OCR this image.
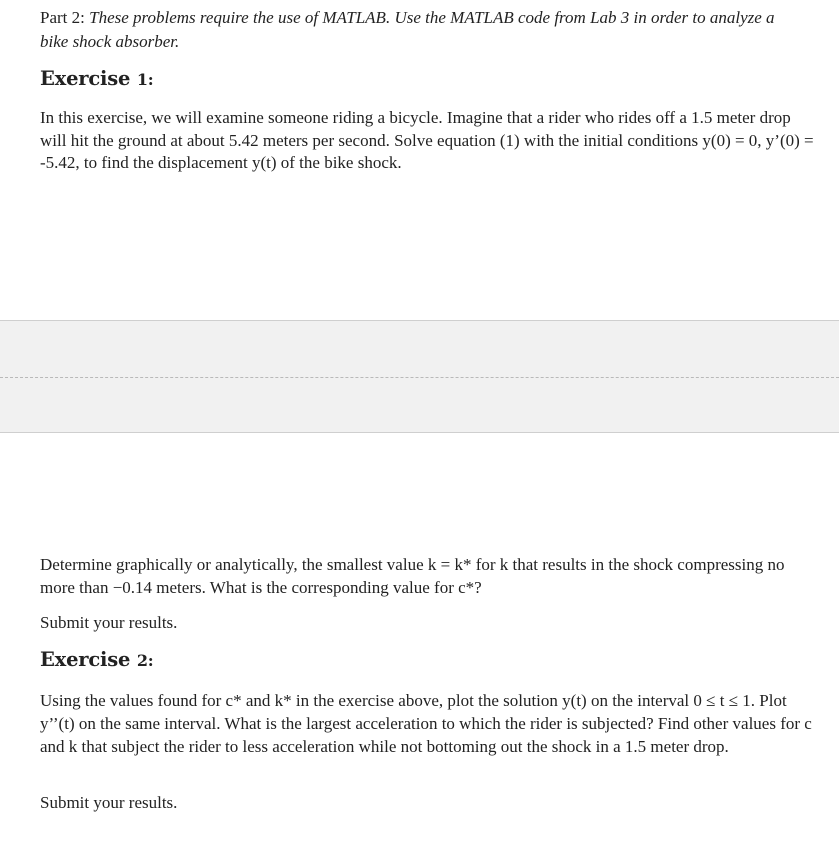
Part 2: These problems require the use of MATLAB. Use the MATLAB code from Lab 3 in order to analyze a bike shock absorber.

Exercise 1:

In this exercise, we will examine someone riding a bicycle. Imagine that a rider who rides off a 1.5 meter drop will hit the ground at about 5.42 meters per second. Solve equation (1) with the initial conditions y(0) = 0, y’(0) = -5.42, to find the displacement y(t) of the bike shock.

Determine graphically or analytically, the smallest value k = k* for k that results in the shock compressing no more than −0.14 meters. What is the corresponding value for c*?

Submit your results.

Exercise 2:

Using the values found for c* and k* in the exercise above, plot the solution y(t) on the interval 0 ≤ t ≤ 1. Plot y’’(t) on the same interval. What is the largest acceleration to which the rider is subjected? Find other values for c and k that subject the rider to less acceleration while not bottoming out the shock in a 1.5 meter drop.

Submit your results.
